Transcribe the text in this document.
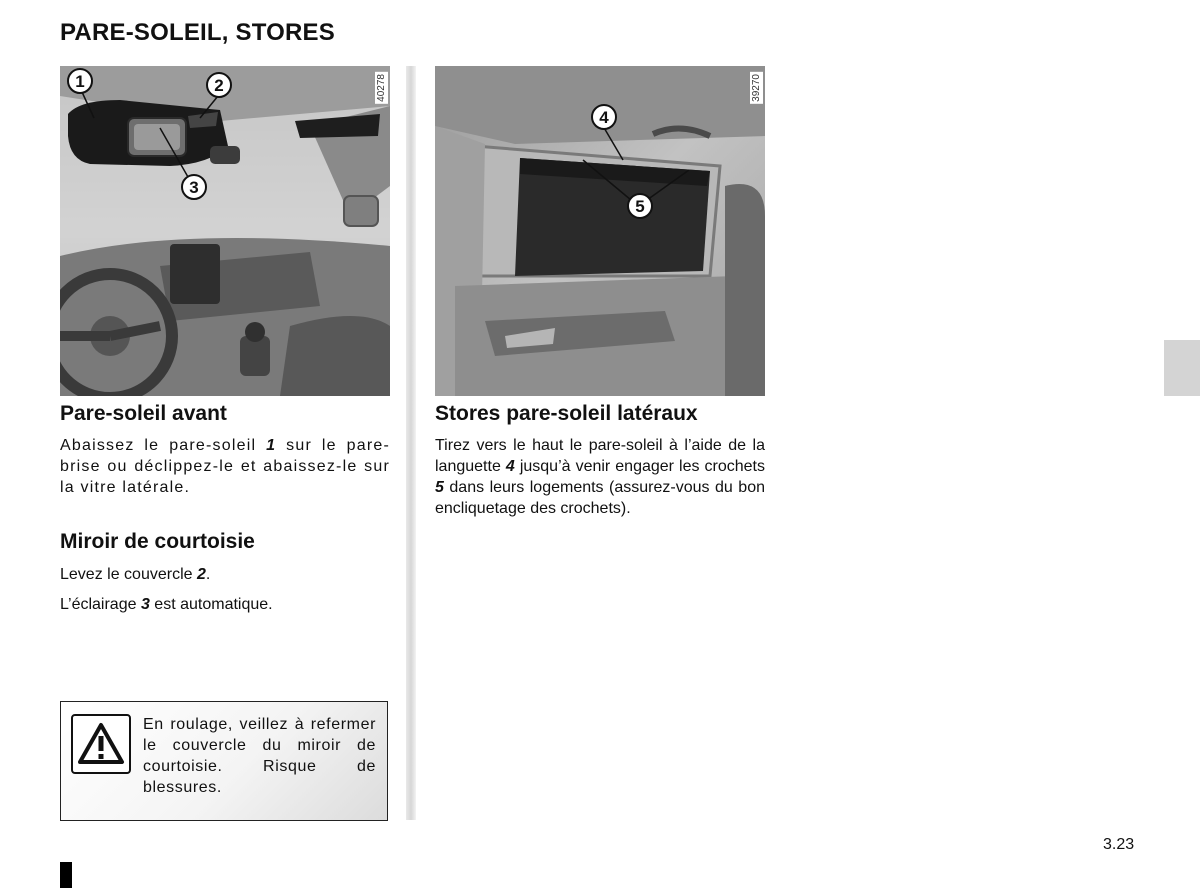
PARE-SOLEIL, STORES
1	2
3
40278
4
5
39270
Pare-soleil avant

Abaissez le pare-soleil 1 sur le pare-brise ou déclippez-le et abaissez-le sur la vitre latérale.

Miroir de courtoisie

Levez le couvercle 2.

L’éclairage 3 est automatique.

En roulage, veillez à refermer le couvercle du miroir de courtoisie. Risque de blessures.
Stores pare-soleil latéraux

Tirez vers le haut le pare-soleil à l’aide de la languette 4 jusqu’à venir engager les crochets 5 dans leurs logements (assurez-vous du bon encliquetage des crochets).

3.23
